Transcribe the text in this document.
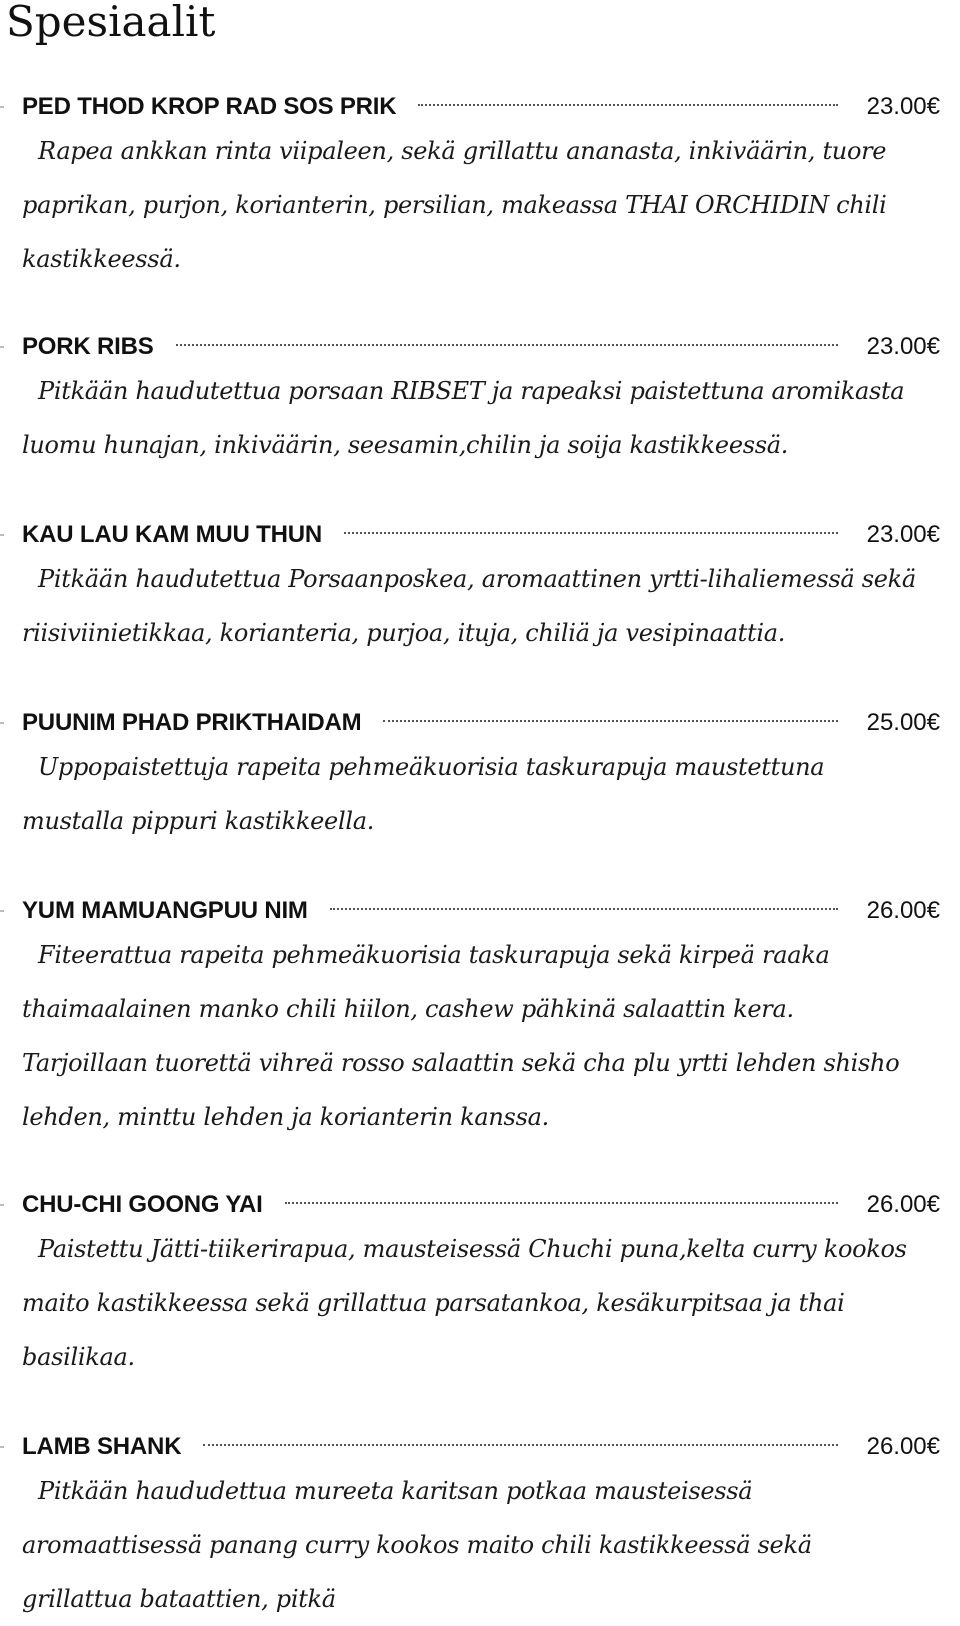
Spesiaalit
PED THOD KROP RAD SOS PRIK	23.00€

Rapea ankkan rinta viipaleen, sekä grillattu ananasta, inkiväärin, tuore paprikan, purjon, korianterin, persilian, makeassa THAI ORCHIDIN chili kastikkeessä.

PORK RIBS	23.00€

Pitkään haudutettua porsaan RIBSET ja rapeaksi paistettuna aromikasta luomu hunajan, inkiväärin, seesamin,chilin ja soija kastikkeessä.

KAU LAU KAM MUU THUN	23.00€

Pitkään haudutettua Porsaanposkea, aromaattinen yrtti-lihaliemessä sekä riisiviinietikkaa, korianteria, purjoa, ituja, chiliä ja vesipinaattia.

PUUNIM PHAD PRIKTHAIDAM	25.00€

Uppopaistettuja rapeita pehmeäkuorisia taskurapuja maustettuna mustalla pippuri kastikkeella.

YUM MAMUANGPUU NIM	26.00€

Fiteerattua rapeita pehmeäkuorisia taskurapuja sekä kirpeä raaka thaimaalainen manko chili hiilon, cashew pähkinä salaattin kera. Tarjoillaan tuorettä vihreä rosso salaattin sekä cha plu yrtti lehden shisho lehden, minttu lehden ja korianterin kanssa.

CHU-CHI GOONG YAI	26.00€

Paistettu Jätti-tiikerirapua, mausteisessä Chuchi puna,kelta curry kookos maito kastikkeessa sekä grillattua parsatankoa, kesäkurpitsaa ja thai basilikaa.

LAMB SHANK	26.00€

Pitkään haududettua mureeta karitsan potkaa mausteisessä aromaattisessä panang curry kookos maito chili kastikkeessä sekä grillattua bataattien, pitkä
